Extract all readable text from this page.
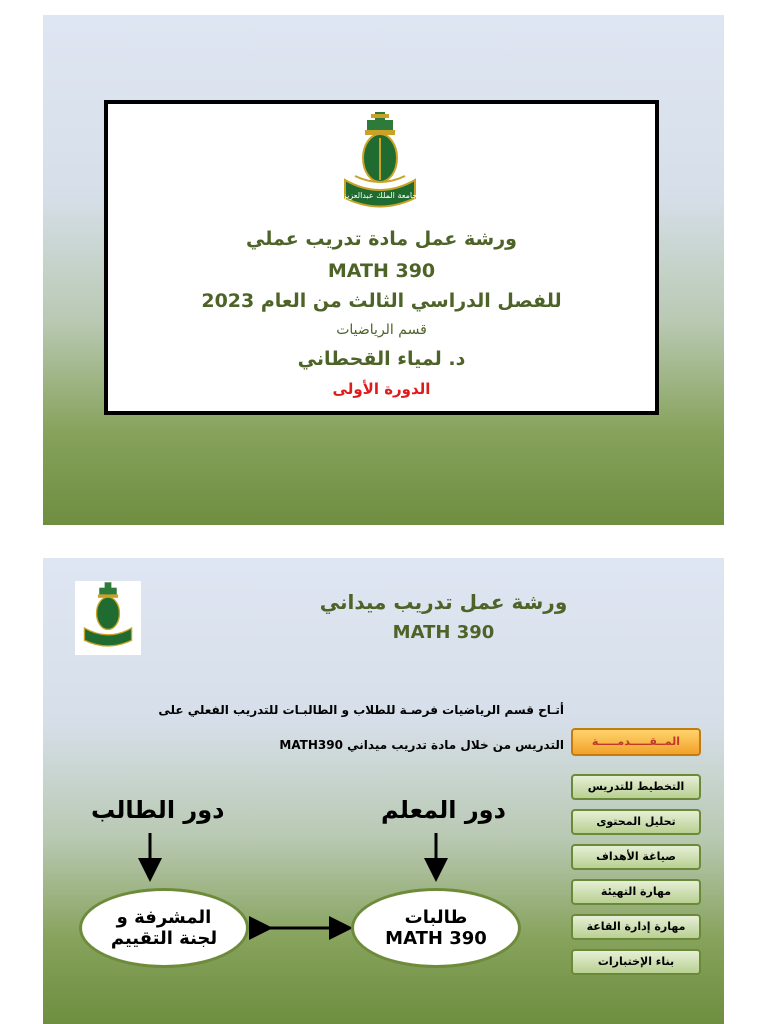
جامعة الملك عبدالعزيز
ورشة عمل مادة تدريب عملي
MATH 390
للفصل الدراسي الثالث من العام 2023
قسم الرياضيات
د. لمياء القحطاني
الدورة الأولى
ورشة عمل تدريب ميداني
MATH 390
أتـاح قسم الرياضيات فرصـة للطلاب و الطالبـات للتدريب الفعلي على
التدريس من خلال مادة تدريب ميداني MATH390	المــقـــــدمـــــة
التخطيط للتدريس
تحليل المحتوى
صياغة الأهداف
مهارة التهيئة
مهارة إدارة القاعة
بناء الإختبارات
دور الطالب	دور المعلم
المشرفة و
لجنة التقييم
طالبات
MATH 390
